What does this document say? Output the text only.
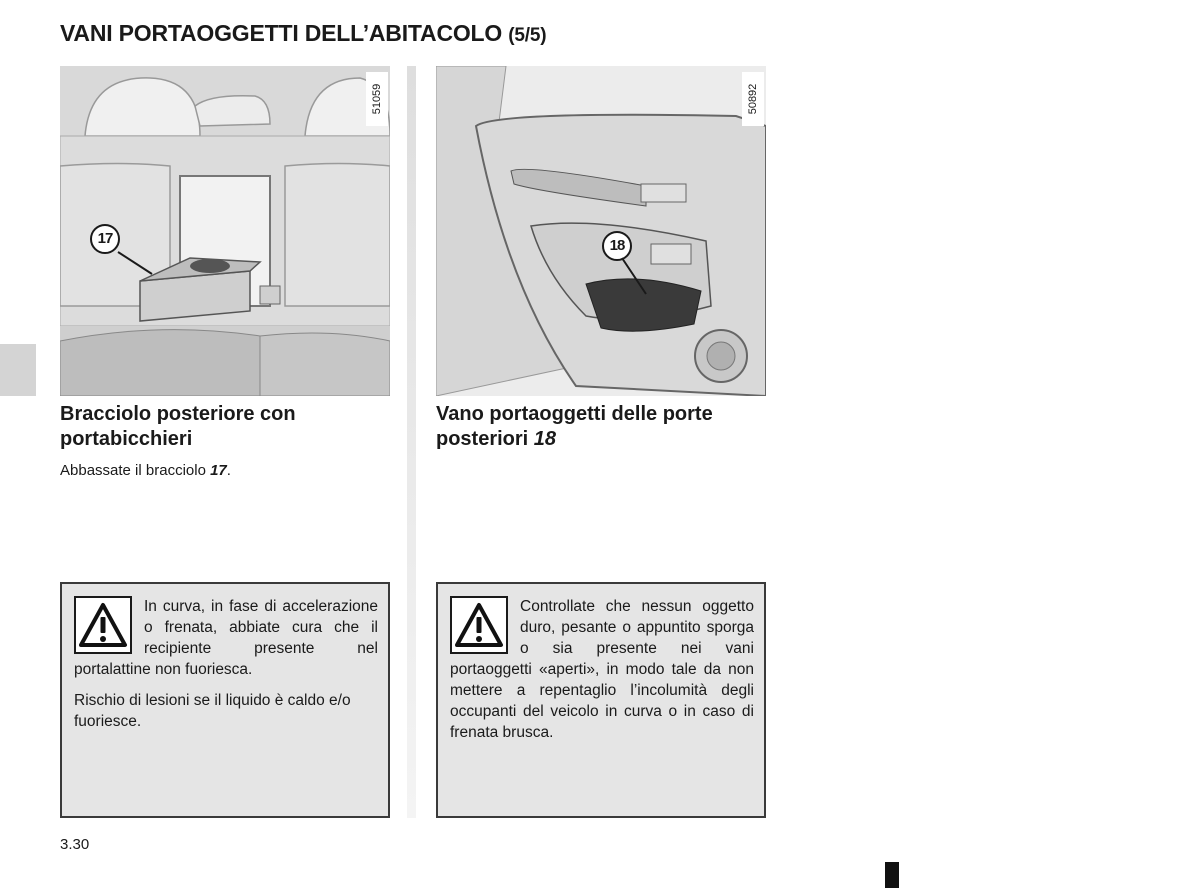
VANI PORTAOGGETTI DELL’ABITACOLO (5/5)
51059
17
50892
18
Bracciolo posteriore con portabicchieri
Abbassate il bracciolo 17.
Vano portaoggetti delle porte posteriori 18

In curva, in fase di accelerazione o frenata, abbiate cura che il recipiente presente nel portalattine non fuoriesca.

Rischio di lesioni se il liquido è caldo e/o fuoriesce.

Controllate che nessun oggetto duro, pesante o appuntito sporga o sia presente nei vani portaoggetti «aperti», in modo tale da non mettere a repentaglio l’incolumità degli occupanti del veicolo in curva o in caso di frenata brusca.

3.30
